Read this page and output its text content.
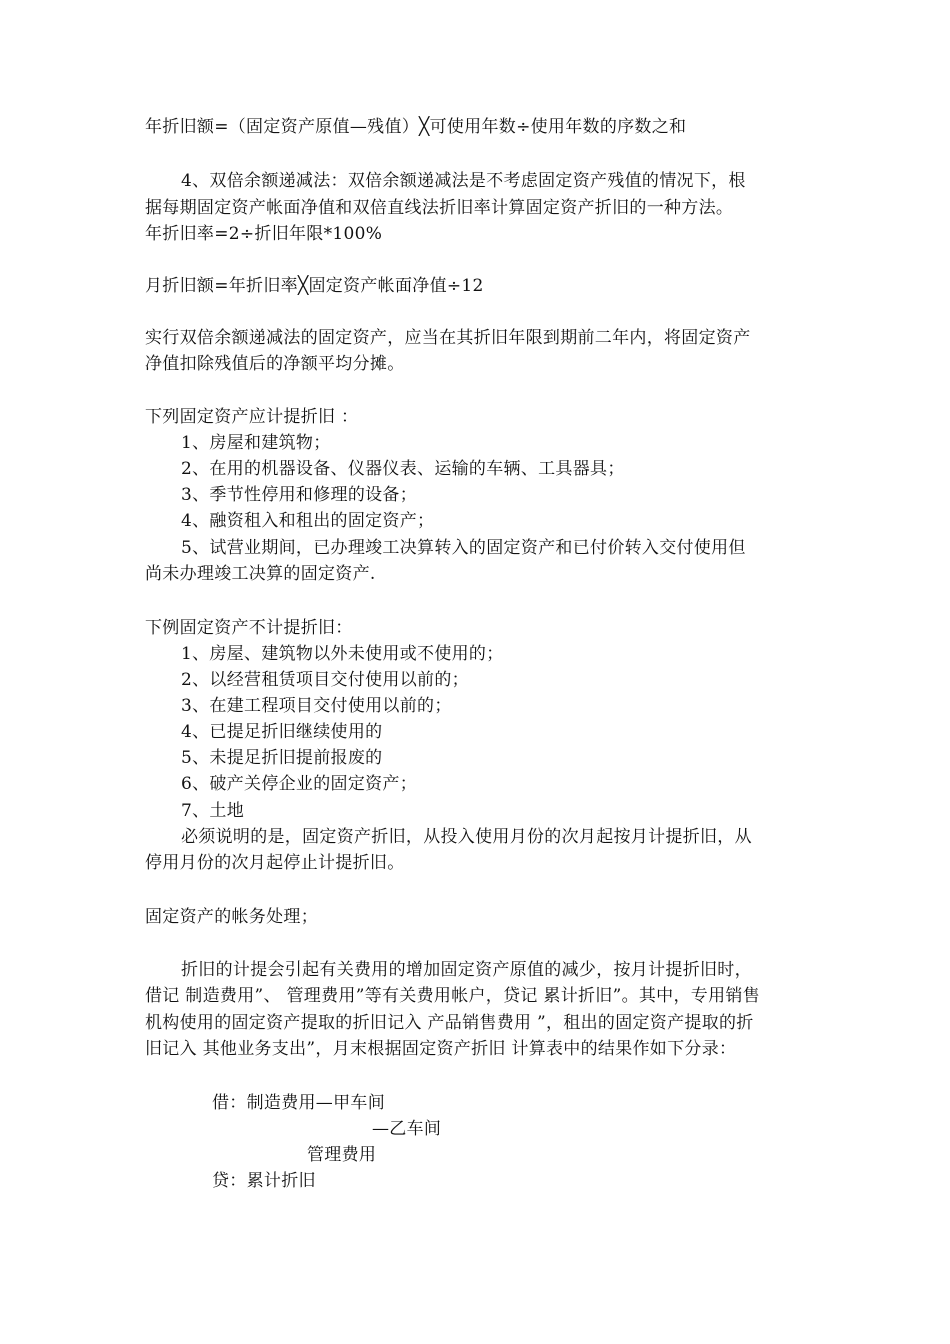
年折旧额=（固定资产原值—残值）╳可使用年数÷使用年数的序数之和
4、双倍余额递减法：双倍余额递减法是不考虑固定资产残值的情况下，根
据每期固定资产帐面净值和双倍直线法折旧率计算固定资产折旧的一种方法。
年折旧率=2÷折旧年限*100%
月折旧额=年折旧率╳固定资产帐面净值÷12
实行双倍余额递减法的固定资产，应当在其折旧年限到期前二年内，将固定资产
净值扣除残值后的净额平均分摊。
下列固定资产应计提折旧 ：
1、房屋和建筑物；
2、在用的机器设备、仪器仪表、运输的车辆、工具器具；
3、季节性停用和修理的设备；
4、融资租入和租出的固定资产；
5、试营业期间，已办理竣工决算转入的固定资产和已付价转入交付使用但
尚未办理竣工决算的固定资产.
下例固定资产不计提折旧：
1、房屋、建筑物以外未使用或不使用的；
2、以经营租赁项目交付使用以前的；
3、在建工程项目交付使用以前的；
4、已提足折旧继续使用的
5、未提足折旧提前报废的
6、破产关停企业的固定资产；
7、土地
必须说明的是，固定资产折旧，从投入使用月份的次月起按月计提折旧，从
停用月份的次月起停止计提折旧。
固定资产的帐务处理；
折旧的计提会引起有关费用的增加固定资产原值的减少，按月计提折旧时，
借记 制造费用”、 管理费用”等有关费用帐户，贷记 累计折旧”。其中，专用销售
机构使用的固定资产提取的折旧记入 产品销售费用 ”，租出的固定资产提取的折
旧记入 其他业务支出”，月末根据固定资产折旧 计算表中的结果作如下分录：
借：制造费用—甲车间
—乙车间
管理费用
贷：累计折旧
